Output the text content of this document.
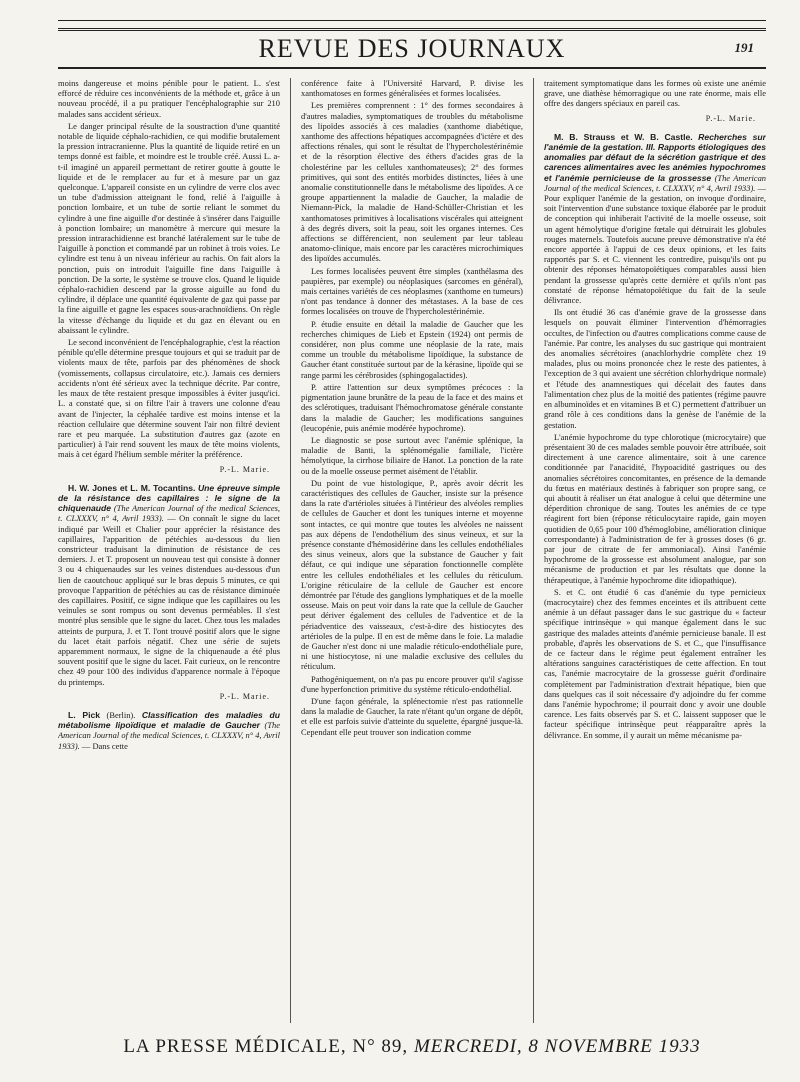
REVUE DES JOURNAUX	191

moins dangereuse et moins pénible pour le patient. L. s'est efforcé de réduire ces inconvénients de la méthode et, grâce à un nouveau procédé, il a pu pratiquer l'encéphalographie sur 210 malades sans accident sérieux.

Le danger principal résulte de la soustraction d'une quantité notable de liquide céphalo-rachidien, ce qui modifie brutalement la pression intracranienne. Plus la quantité de liquide retiré en un temps donné est faible, et moindre est le trouble créé. Aussi L. a-t-il imaginé un appareil permettant de retirer goutte à goutte le liquide et de le remplacer au fur et à mesure par un gaz quelconque. L'appareil consiste en un cylindre de verre clos avec un tube d'admission atteignant le fond, relié à l'aiguille à ponction lombaire, et un tube de sortie reliant le sommet du cylindre à une fine aiguille d'or destinée à s'insérer dans l'aiguille à ponction lombaire; un manomètre à mercure qui mesure la pression intrarachidienne est branché latéralement sur le tube de l'aiguille à ponction et commandé par un robinet à trois voies. Le cylindre est tenu à un niveau inférieur au rachis. On fait alors la ponction, puis on introduit l'aiguille fine dans l'aiguille à ponction. De la sorte, le système se trouve clos. Quand le liquide céphalo-rachidien descend par la grosse aiguille au fond du cylindre, il déplace une quantité équivalente de gaz qui passe par la fine aiguille et gagne les espaces sous-arachnoïdiens. On règle la vitesse d'échange du liquide et du gaz en élevant ou en abaissant le cylindre.

Le second inconvénient de l'encéphalographie, c'est la réaction pénible qu'elle détermine presque toujours et qui se traduit par de violents maux de tête, parfois par des phénomènes de shock (vomissements, collapsus circulatoire, etc.). Jamais ces derniers accidents n'ont été sérieux avec la technique décrite. Par contre, les maux de tête restaient presque impossibles à éviter jusqu'ici. L. a constaté que, si on filtre l'air à travers une colonne d'eau avant de l'injecter, la céphalée tardive est moins intense et la réaction cellulaire que détermine souvent l'air non filtré devient rare et peu marquée. La substitution d'autres gaz (azote en particulier) à l'air rend souvent les maux de tête moins violents, mais à cet égard l'hélium semble mériter la préférence.

P.-L. Marie.

H. W. Jones et L. M. Tocantins. Une épreuve simple de la résistance des capillaires : le signe de la chiquenaude (The American Journal of the medical Sciences, t. CLXXXV, n° 4, Avril 1933). — On connaît le signe du lacet indiqué par Weill et Chalier pour apprécier la résistance des capillaires, l'apparition de pétéchies au-dessous du lien constricteur traduisant la diminution de résistance de ces derniers. J. et T. proposent un nouveau test qui consiste à donner 3 ou 4 chiquenaudes sur les veines distendues au-dessous d'un lien de caoutchouc appliqué sur le bras depuis 5 minutes, ce qui provoque l'apparition de pétéchies au cas de résistance diminuée des capillaires. Positif, ce signe indique que les capillaires ou les veinules se sont rompus ou sont devenus perméables. Il s'est montré plus sensible que le signe du lacet. Chez tous les malades atteints de purpura, J. et T. l'ont trouvé positif alors que le signe du lacet était parfois négatif. Chez une série de sujets apparemment normaux, le signe de la chiquenaude a été plus souvent positif que le signe du lacet. Fait curieux, on le rencontre chez 49 pour 100 des individus d'apparence normale à l'époque du printemps.

P.-L. Marie.

L. Pick (Berlin). Classification des maladies du métabolisme lipoïdique et maladie de Gaucher (The American Journal of the medical Sciences, t. CLXXXV, n° 4, Avril 1933). — Dans cette

conférence faite à l'Université Harvard, P. divise les xanthomatoses en formes généralisées et formes localisées.

Les premières comprennent : 1° des formes secondaires à d'autres maladies, symptomatiques de troubles du métabolisme des lipoïdes associés à ces maladies (xanthome diabétique, xanthome des affections hépatiques accompagnées d'ictère et des affections rénales, qui sont le résultat de l'hypercholestérinémie et de la résorption élective des éthers d'acides gras de la cholestérine par les cellules xanthomateuses); 2° des formes primitives, qui sont des entités morbides distinctes, liées à une anomalie constitutionnelle dans le métabolisme des lipoïdes. A ce groupe appartiennent la maladie de Gaucher, la maladie de Niemann-Pick, la maladie de Hand-Schüller-Christian et les xanthomatoses primitives à localisations viscérales qui atteignent à des degrés divers, soit la peau, soit les organes internes. Ces affections se différencient, non seulement par leur tableau anatomo-clinique, mais encore par les caractères microchimiques des lipoïdes accumulés.

Les formes localisées peuvent être simples (xanthélasma des paupières, par exemple) ou néoplasiques (sarcomes en général), mais certaines variétés de ces néoplasmes (xanthome en tumeurs) n'ont pas tendance à donner des métastases. A la base de ces formes localisées on trouve de l'hypercholestérinémie.

P. étudie ensuite en détail la maladie de Gaucher que les recherches chimiques de Lieb et Epstein (1924) ont permis de considérer, non plus comme une néoplasie de la rate, mais comme un trouble du métabolisme lipoïdique, la substance de Gaucher étant constituée surtout par de la kérasine, lipoïde qui se range parmi les cérébrosides (sphingogalactides).

P. attire l'attention sur deux symptômes précoces : la pigmentation jaune brunâtre de la peau de la face et des mains et des sclérotiques, traduisant l'hémochromatose générale constante dans la maladie de Gaucher; les modifications sanguines (leucopénie, puis anémie modérée hypochrome).

Le diagnostic se pose surtout avec l'anémie splénique, la maladie de Banti, la splénomégalie familiale, l'ictère hémolytique, la cirrhose biliaire de Hanot. La ponction de la rate ou de la moelle osseuse permet aisément de l'établir.

Du point de vue histologique, P., après avoir décrit les caractéristiques des cellules de Gaucher, insiste sur la présence dans la rate d'artérioles situées à l'intérieur des alvéoles remplies de cellules de Gaucher et dont les tuniques interne et moyenne sont intactes, ce qui montre que toutes les alvéoles ne naissent pas aux dépens de l'endothélium des sinus veineux, et sur la présence constante d'hémosidérine dans les cellules endothéliales des sinus veineux, alors que la substance de Gaucher y fait défaut, ce qui indique une séparation fonctionnelle complète entre les cellules endothéliales et les cellules du réticulum. L'origine réticulaire de la cellule de Gaucher est encore démontrée par l'étude des ganglions lymphatiques et de la moelle osseuse. Mais on peut voir dans la rate que la cellule de Gaucher peut dériver également des cellules de l'adventice et de la périadventice des vaisseaux, c'est-à-dire des histiocytes des artérioles de la pulpe. Il en est de même dans le foie. La maladie de Gaucher n'est donc ni une maladie réticulo-endothéliale pure, ni une histiocytose, ni une maladie exclusive des cellules du réticulum.

Pathogéniquement, on n'a pas pu encore prouver qu'il s'agisse d'une hyperfonction primitive du système réticulo-endothélial.

D'une façon générale, la splénectomie n'est pas rationnelle dans la maladie de Gaucher, la rate n'étant qu'un organe de dépôt, et elle est parfois suivie d'atteinte du squelette, épargné jusque-là. Cependant elle peut trouver son indication comme

traitement symptomatique dans les formes où existe une anémie grave, une diathèse hémorragique ou une rate énorme, mais elle offre des dangers spéciaux en pareil cas.

P.-L. Marie.

M. B. Strauss et W. B. Castle. Recherches sur l'anémie de la gestation. III. Rapports étiologiques des anomalies par défaut de la sécrétion gastrique et des carences alimentaires avec les anémies hypochromes et l'anémie pernicieuse de la grossesse (The American Journal of the medical Sciences, t. CLXXXV, n° 4, Avril 1933). — Pour expliquer l'anémie de la gestation, on invoque d'ordinaire, soit l'intervention d'une substance toxique élaborée par le produit de conception qui inhiberait l'activité de la moelle osseuse, soit un agent hémolytique d'origine fœtale qui détruirait les globules rouges maternels. Toutefois aucune preuve démonstrative n'a été encore apportée à l'appui de ces deux opinions, et les faits rapportés par S. et C. viennent les contredire, puisqu'ils ont pu obtenir des réponses hématopoïétiques comparables aussi bien pendant la grossesse qu'après cette dernière et qu'ils n'ont pas constaté de réponse hématopoïétique du fait de la seule délivrance.

Ils ont étudié 36 cas d'anémie grave de la grossesse dans lesquels on pouvait éliminer l'intervention d'hémorragies occultes, de l'infection ou d'autres complications comme cause de l'anémie. Par contre, les analyses du suc gastrique qui montraient des anomalies sécrétoires (anachlorhydrie complète chez 19 malades, plus ou moins prononcée chez le reste des patientes, à l'exception de 3 qui avaient une sécrétion chlorhydrique normale) et l'étude des anamnestiques qui décelait des fautes dans l'alimentation chez plus de la moitié des patientes (régime pauvre en albuminoïdes et en vitamines B et C) permettent d'attribuer un grand rôle à ces conditions dans la genèse de l'anémie de la gestation.

L'anémie hypochrome du type chlorotique (microcytaire) que présentaient 30 de ces malades semble pouvoir être attribuée, soit directement à une carence alimentaire, soit à une carence conditionnée par l'anacidité, l'hypoacidité gastriques ou des anomalies sécrétoires concomitantes, en présence de la demande du fœtus en matériaux destinés à fabriquer son propre sang, ce qui aboutit à réaliser un état analogue à celui que détermine une déperdition chronique de sang. Toutes les anémies de ce type réagirent fort bien (réponse réticulocytaire rapide, gain moyen quotidien de 0,65 pour 100 d'hémoglobine, amélioration clinique correspondante) à l'administration de fer à grosses doses (6 gr. par jour de citrate de fer ammoniacal). Ainsi l'anémie hypochrome de la grossesse est absolument analogue, par son mécanisme de production et par les résultats que donne la thérapeutique, à l'anémie hypochrome dite idiopathique).

S. et C. ont étudié 6 cas d'anémie du type pernicieux (macrocytaire) chez des femmes enceintes et ils attribuent cette anémie à un défaut passager dans le suc gastrique du « facteur spécifique intrinsèque » qui manque également dans le suc gastrique des malades atteints d'anémie pernicieuse banale. Il est probable, d'après les observations de S. et C., que l'insuffisance de ce facteur dans le régime peut également entraîner les altérations sanguines caractéristiques de cette affection. En tout cas, l'anémie macrocytaire de la grossesse guérit d'ordinaire complètement par l'administration d'extrait hépatique, bien que dans quelques cas il soit nécessaire d'y adjoindre du fer comme dans l'anémie hypochrome; il pourrait donc y avoir une double carence. Les faits observés par S. et C. laissent supposer que le facteur spécifique intrinsèque peut réapparaître après la délivrance. En somme, il y aurait un même mécanisme pa-

LA PRESSE MÉDICALE, N° 89, MERCREDI, 8 NOVEMBRE 1933
